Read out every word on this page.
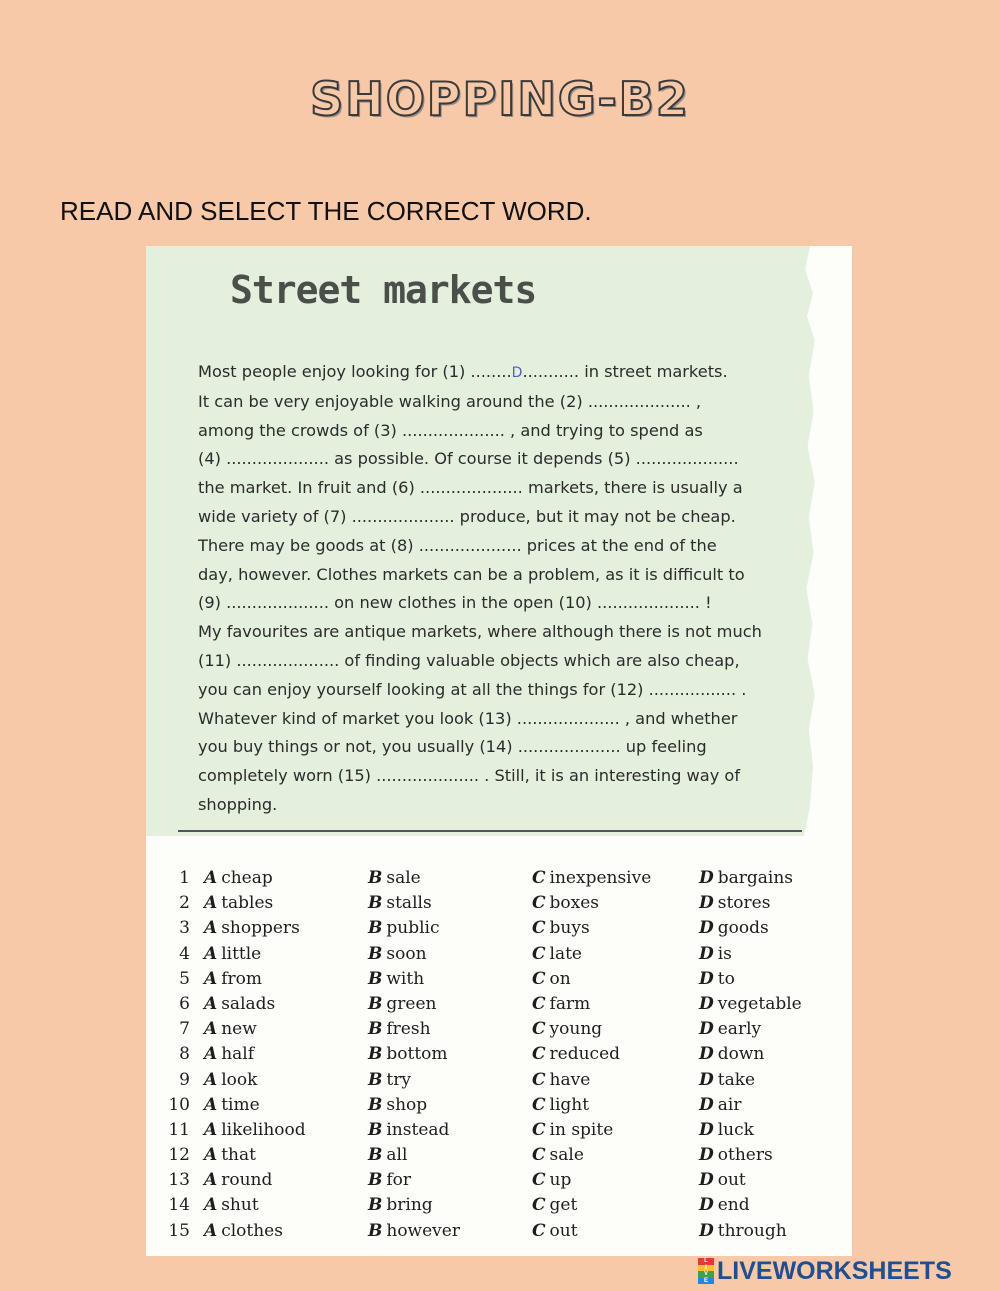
SHOPPING-B2
READ AND SELECT THE CORRECT WORD.
Street markets
Most people enjoy looking for (1) ........D........... in street markets.
It can be very enjoyable walking around the (2) .................... ,
among the crowds of (3) .................... , and trying to spend as
(4) .................... as possible. Of course it depends (5) ....................
the market. In fruit and (6) .................... markets, there is usually a
wide variety of (7) .................... produce, but it may not be cheap.
There may be goods at (8) .................... prices at the end of the
day, however. Clothes markets can be a problem, as it is difficult to
(9) .................... on new clothes in the open (10) .................... !
My favourites are antique markets, where although there is not much
(11) .................... of finding valuable objects which are also cheap,
you can enjoy yourself looking at all the things for (12) ................. .
Whatever kind of market you look (13) .................... , and whether
you buy things or not, you usually (14) .................... up feeling
completely worn (15) .................... . Still, it is an interesting way of
shopping.
1 A cheap	B sale	C inexpensive	D bargains
2 A tables	B stalls	C boxes	D stores
3 A shoppers	B public	C buys	D goods
4 A little	B soon	C late	D is
5 A from	B with	C on	D to
6 A salads	B green	C farm	D vegetable
7 A new	B fresh	C young	D early
8 A half	B bottom	C reduced	D down
9 A look	B try	C have	D take
10 A time	B shop	C light	D air
11 A likelihood	B instead	C in spite	D luck
12 A that	B all	C sale	D others
13 A round	B for	C up	D out
14 A shut	B bring	C get	D end
15 A clothes	B however	C out	D through
L
I
V
E LIVEWORKSHEETS
